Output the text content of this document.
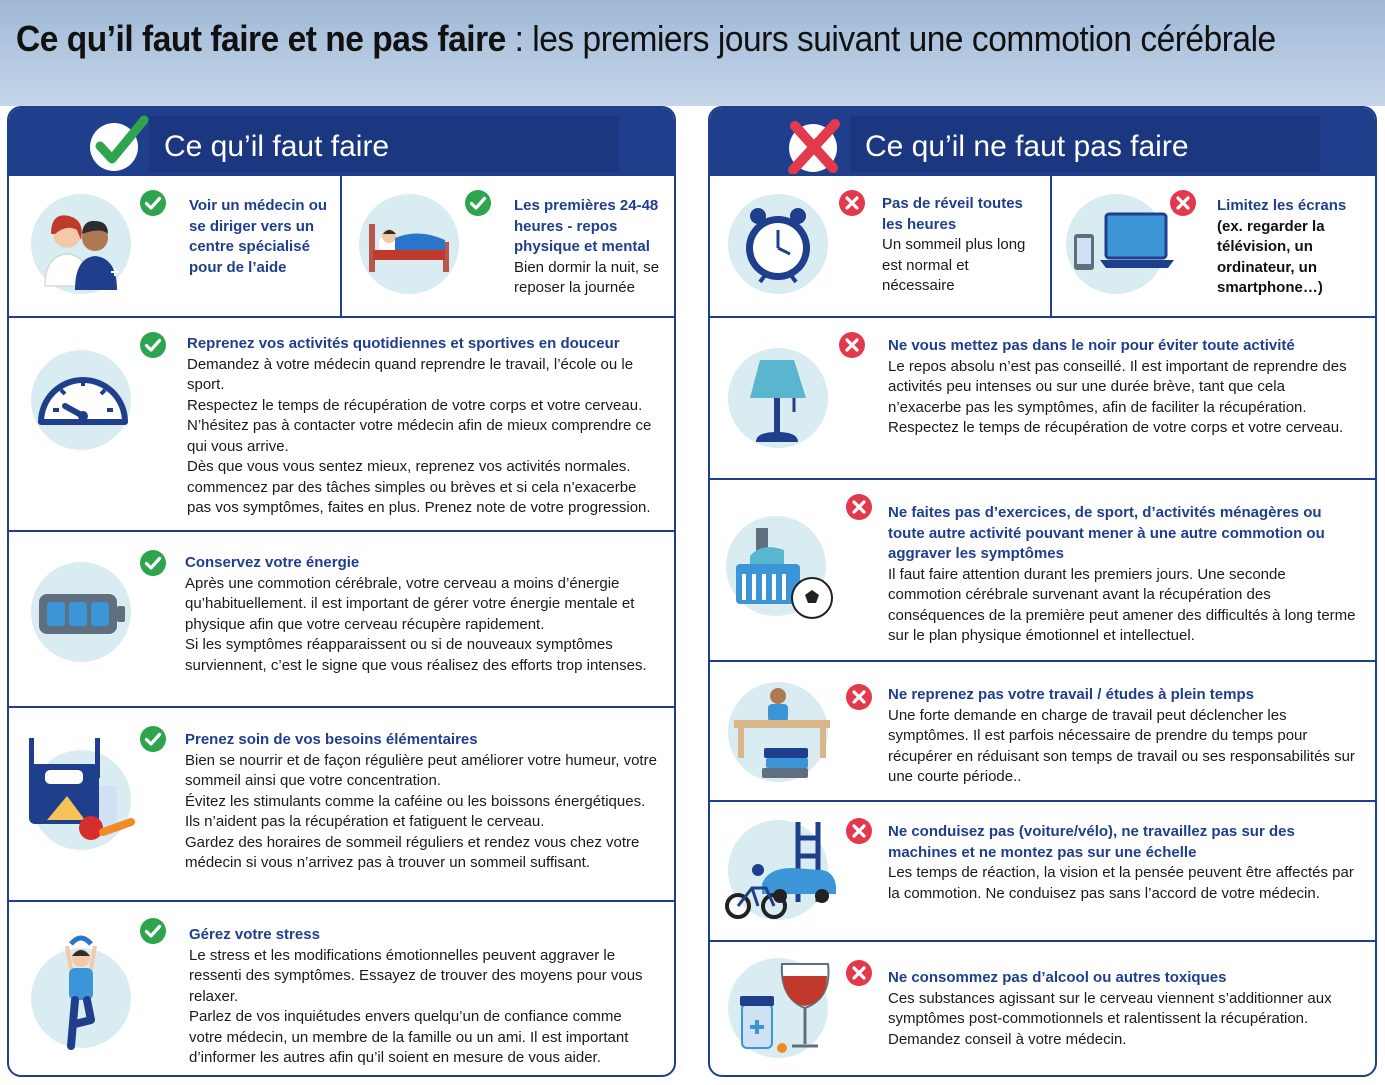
Ce qu’il faut faire et ne pas faire : les premiers jours suivant une commotion cérébrale
Ce qu’il faut faire

Voir un médecin ou se diriger vers un centre spécialisé pour de l’aide

Les premières 24-48 heures - repos physique et mental

Bien dormir la nuit, se reposer la journée

Reprenez vos activités quotidiennes et sportives en douceur

Demandez à votre médecin quand reprendre le travail, l’école ou le sport.

Respectez le temps de récupération de votre corps et votre cerveau.

N’hésitez pas à contacter votre médecin afin de mieux comprendre ce qui vous arrive.

Dès que vous vous sentez mieux, reprenez vos activités normales. commencez par des tâches simples ou brèves et si cela n’exacerbe pas vos symptômes, faites en plus. Prenez note de votre progression.

Conservez votre énergie

Après une commotion cérébrale, votre cerveau a moins d’énergie qu’habituellement. il est important de gérer votre énergie mentale et physique afin que votre cerveau récupère rapidement.

Si les symptômes réapparaissent ou si de nouveaux symptômes surviennent, c’est le signe que vous réalisez des efforts trop intenses.

Prenez soin de vos besoins élémentaires

Bien se nourrir et de façon régulière peut améliorer votre humeur, votre sommeil ainsi que votre concentration.

Évitez les stimulants comme la caféine ou les boissons énergétiques. Ils n’aident pas la récupération et fatiguent le cerveau.

Gardez des horaires de sommeil réguliers et rendez vous chez votre médecin si vous n’arrivez pas à trouver un sommeil suffisant.

Gérez votre stress

Le stress et les modifications émotionnelles peuvent aggraver le ressenti des symptômes. Essayez de trouver des moyens pour vous relaxer.

Parlez de vos inquiétudes envers quelqu’un de confiance comme votre médecin, un membre de la famille ou un ami. Il est important d’informer les autres afin qu’il soient en mesure de vous aider.

Ce qu’il ne faut pas faire

Pas de réveil toutes les heures

Un sommeil plus long est normal et nécessaire

Limitez les écrans

(ex. regarder la télévision, un ordinateur, un smartphone…)

Ne vous mettez pas dans le noir pour éviter toute activité

Le repos absolu n’est pas conseillé. Il est important de reprendre des activités peu intenses ou sur une durée brève, tant que cela n’exacerbe pas les symptômes, afin de faciliter la récupération.

Respectez le temps de récupération de votre corps et votre cerveau.

Ne faites pas d’exercices, de sport, d’activités ménagères ou toute autre activité pouvant mener à une autre commotion ou aggraver les symptômes

Il faut faire attention durant les premiers jours. Une seconde commotion cérébrale survenant avant la récupération des conséquences de la première peut amener des difficultés à long terme sur le plan physique émotionnel et intellectuel.

Ne reprenez pas votre travail / études à plein temps

Une forte demande en charge de travail peut déclencher les symptômes. Il est parfois nécessaire de prendre du temps pour récupérer en réduisant son temps de travail ou ses responsabilités sur une courte période..

Ne conduisez pas (voiture/vélo), ne travaillez pas sur des machines et ne montez pas sur une échelle

Les temps de réaction, la vision et la pensée peuvent être affectés par la commotion. Ne conduisez pas sans l’accord de votre médecin.

Ne consommez pas d’alcool ou autres toxiques

Ces substances agissant sur le cerveau viennent s’additionner aux symptômes post-commotionnels et ralentissent la récupération. Demandez conseil à votre médecin.
